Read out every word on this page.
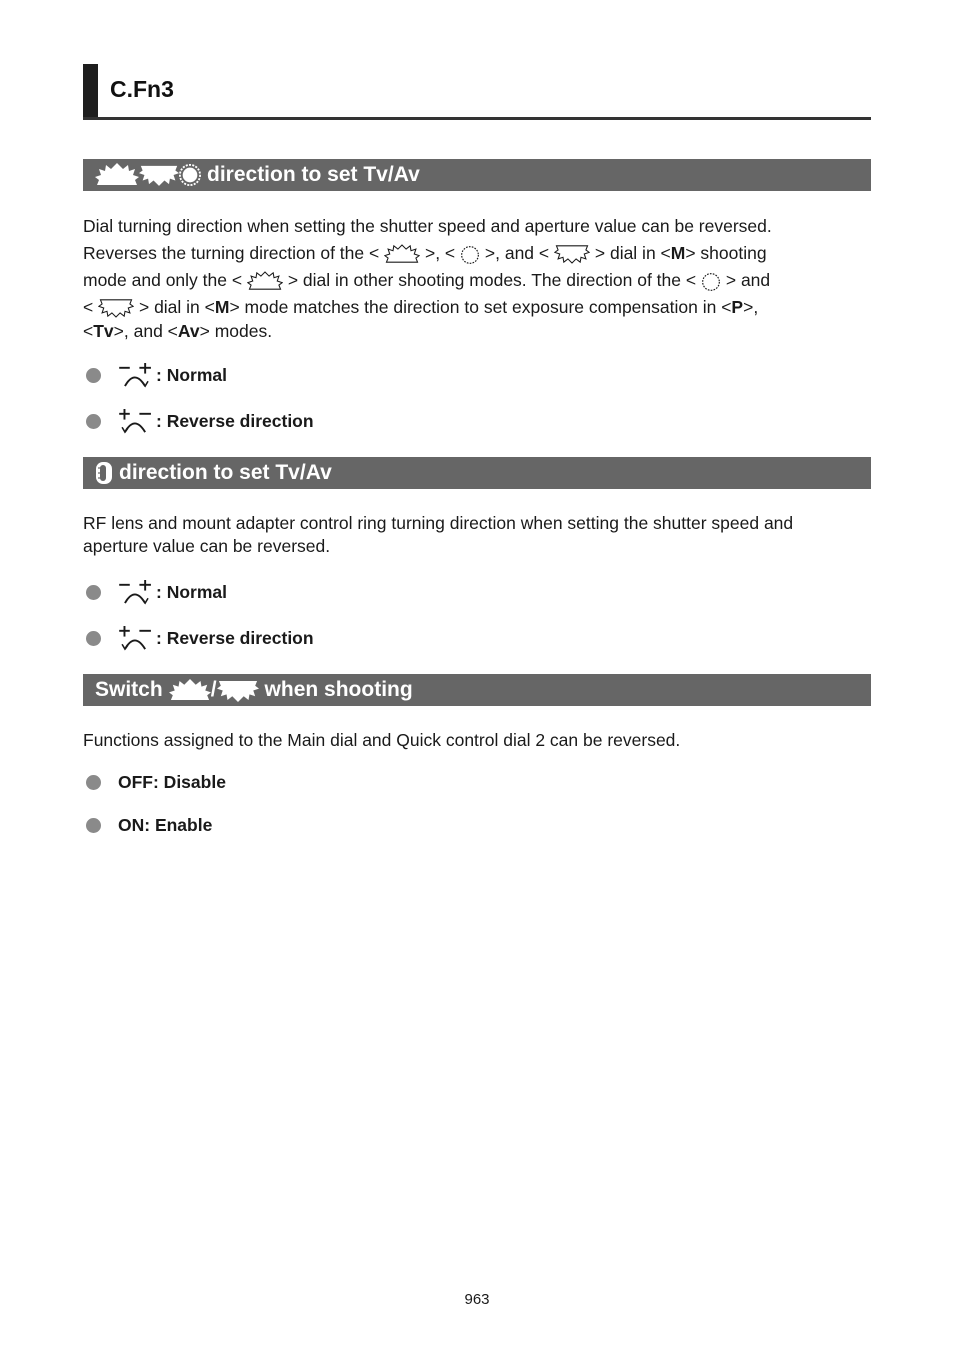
C.Fn3
direction to set Tv/Av
Dial turning direction when setting the shutter speed and aperture value can be reversed.
Reverses the turning direction of the <	>, < >, and <	> dial in <M> shooting
mode and only the <	> dial in other shooting modes. The direction of the < > and
<	> dial in <M> mode matches the direction to set exposure compensation in <P>,
<Tv>, and <Av> modes.
: Normal
: Reverse direction
direction to set Tv/Av
RF lens and mount adapter control ring turning direction when setting the shutter speed and
aperture value can be reversed.
: Normal
: Reverse direction
Switch / when shooting
Functions assigned to the Main dial and Quick control dial 2 can be reversed.
OFF: Disable
ON: Enable
963
